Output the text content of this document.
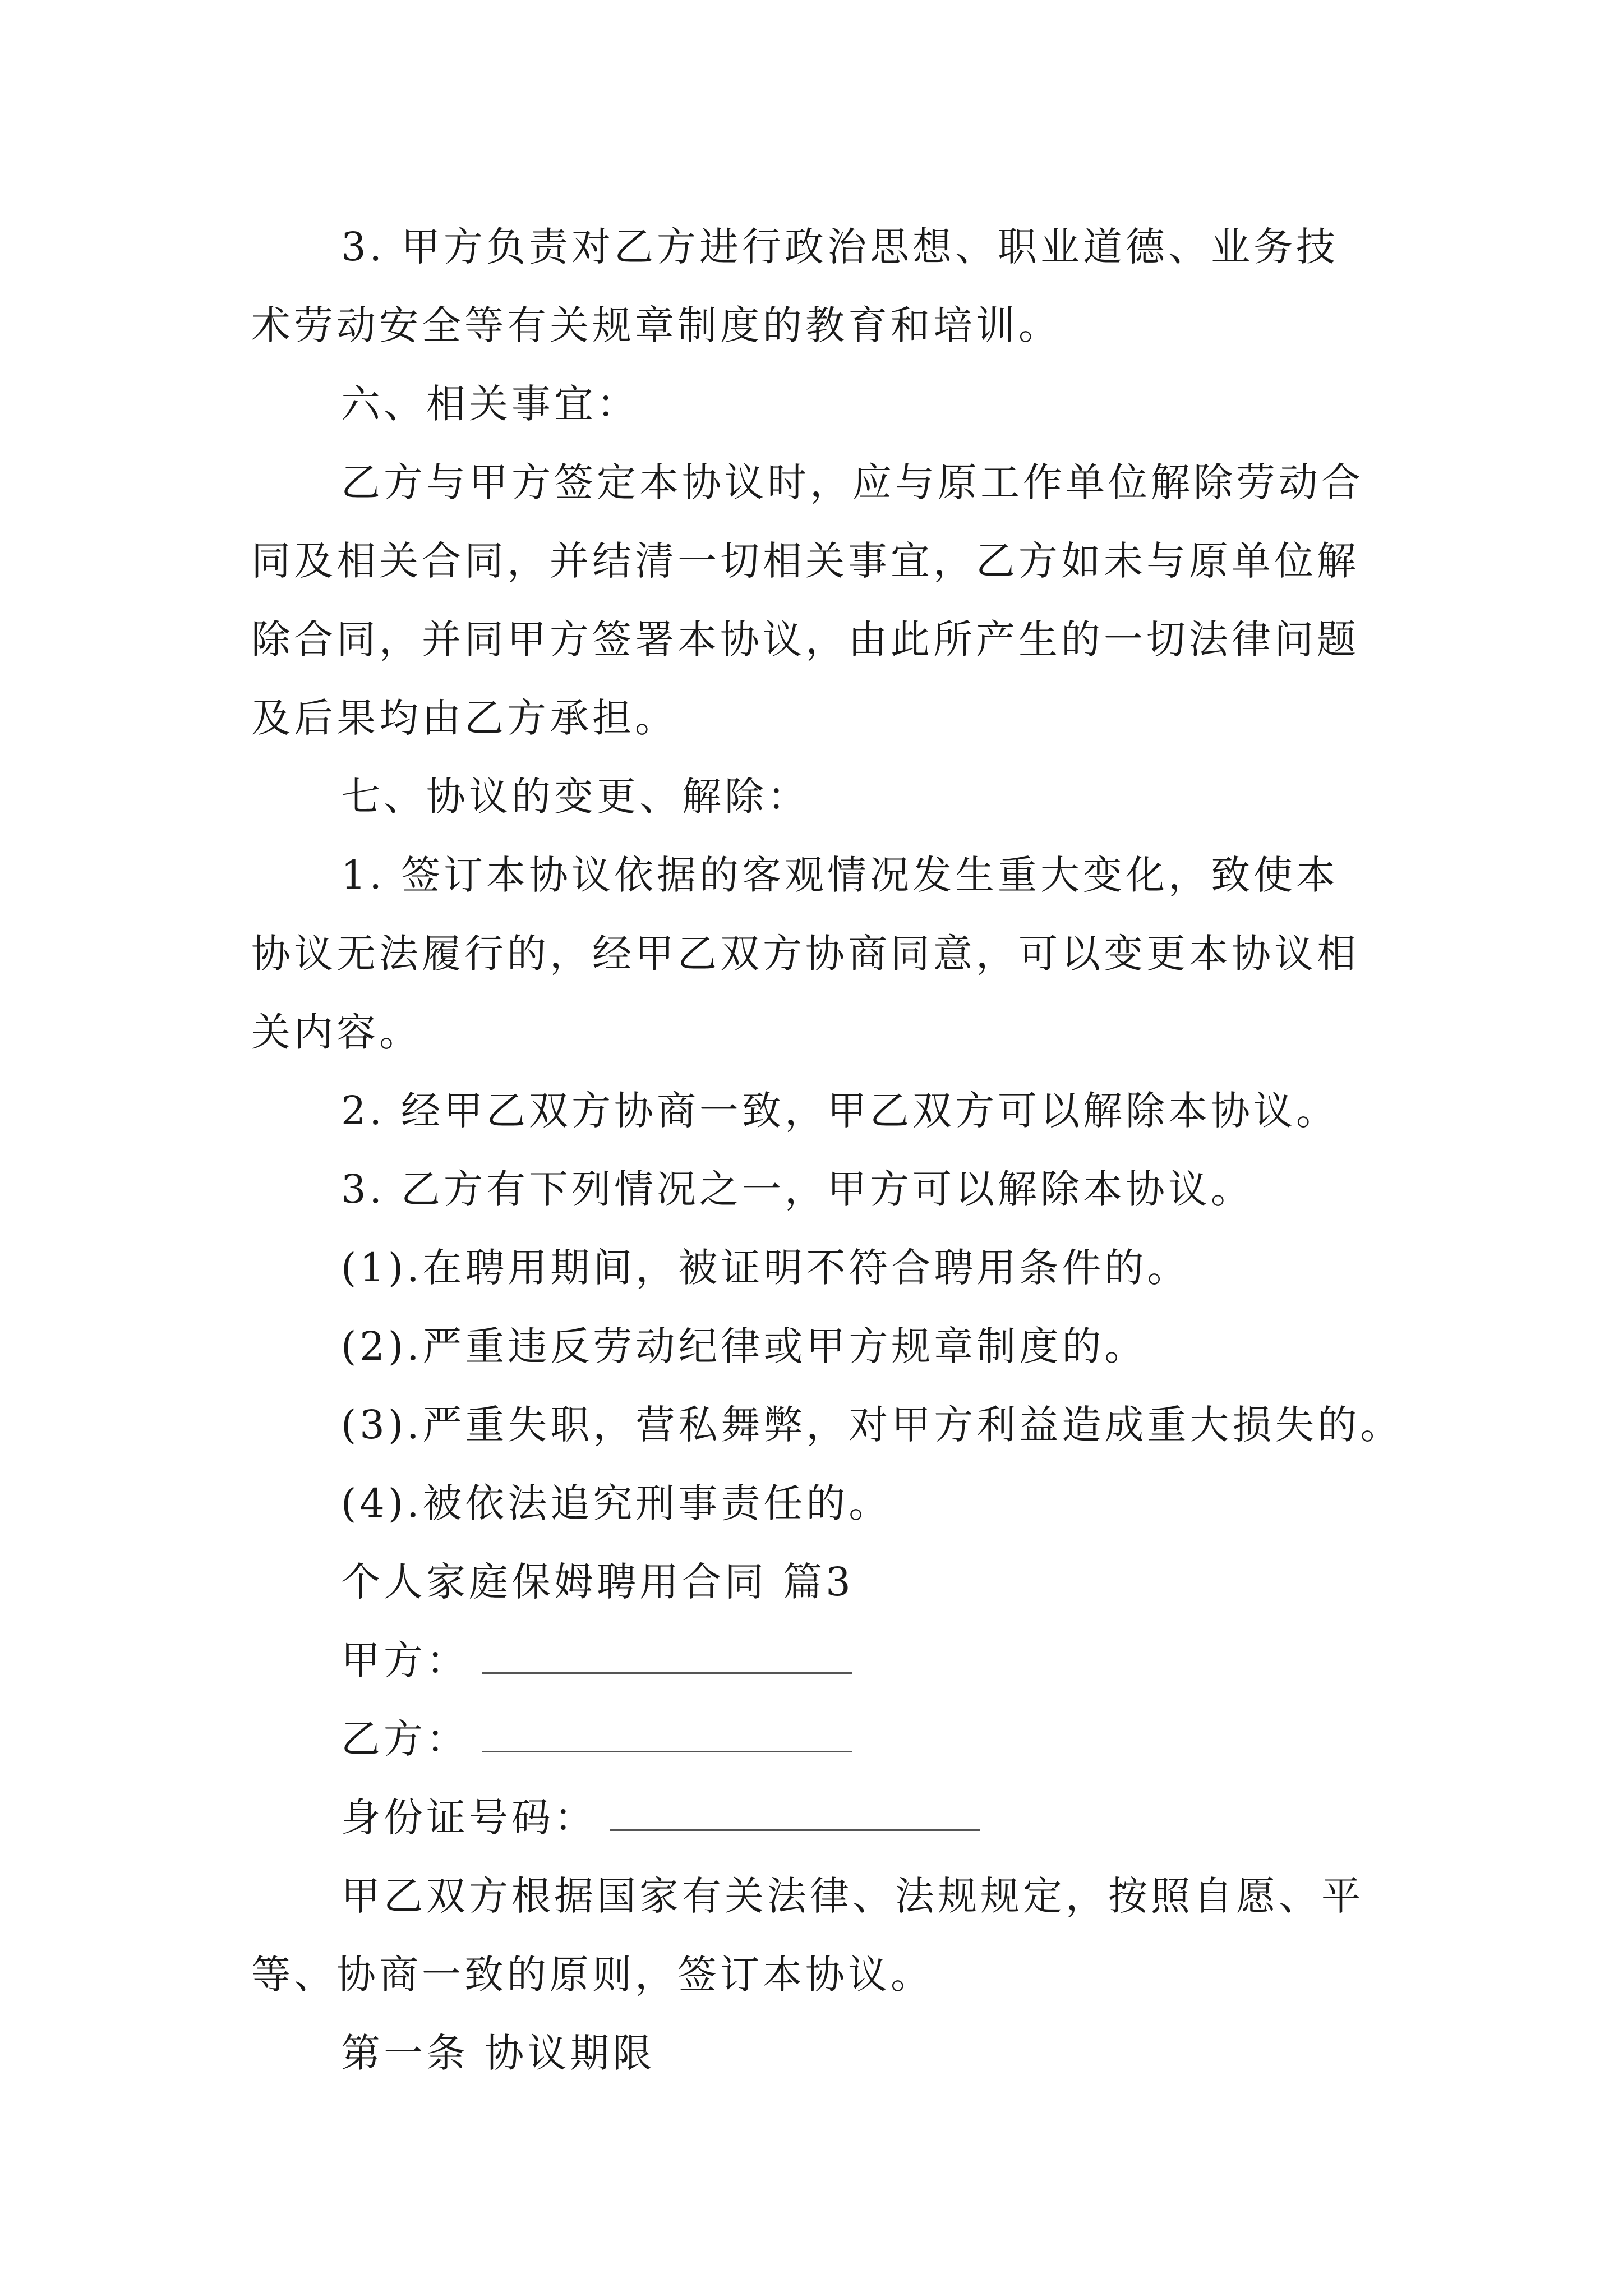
3. 甲方负责对乙方进行政治思想、职业道德、业务技
术劳动安全等有关规章制度的教育和培训。
六、相关事宜：
乙方与甲方签定本协议时，应与原工作单位解除劳动合
同及相关合同，并结清一切相关事宜，乙方如未与原单位解
除合同，并同甲方签署本协议，由此所产生的一切法律问题
及后果均由乙方承担。
七、协议的变更、解除：
1. 签订本协议依据的客观情况发生重大变化，致使本
协议无法履行的，经甲乙双方协商同意，可以变更本协议相
关内容。
2. 经甲乙双方协商一致，甲乙双方可以解除本协议。
3. 乙方有下列情况之一，甲方可以解除本协议。
(1).在聘用期间，被证明不符合聘用条件的。
(2).严重违反劳动纪律或甲方规章制度的。
(3).严重失职，营私舞弊，对甲方利益造成重大损失的。
(4).被依法追究刑事责任的。
个人家庭保姆聘用合同 篇3
甲方：
乙方：
身份证号码：
甲乙双方根据国家有关法律、法规规定，按照自愿、平
等、协商一致的原则，签订本协议。
第一条 协议期限
